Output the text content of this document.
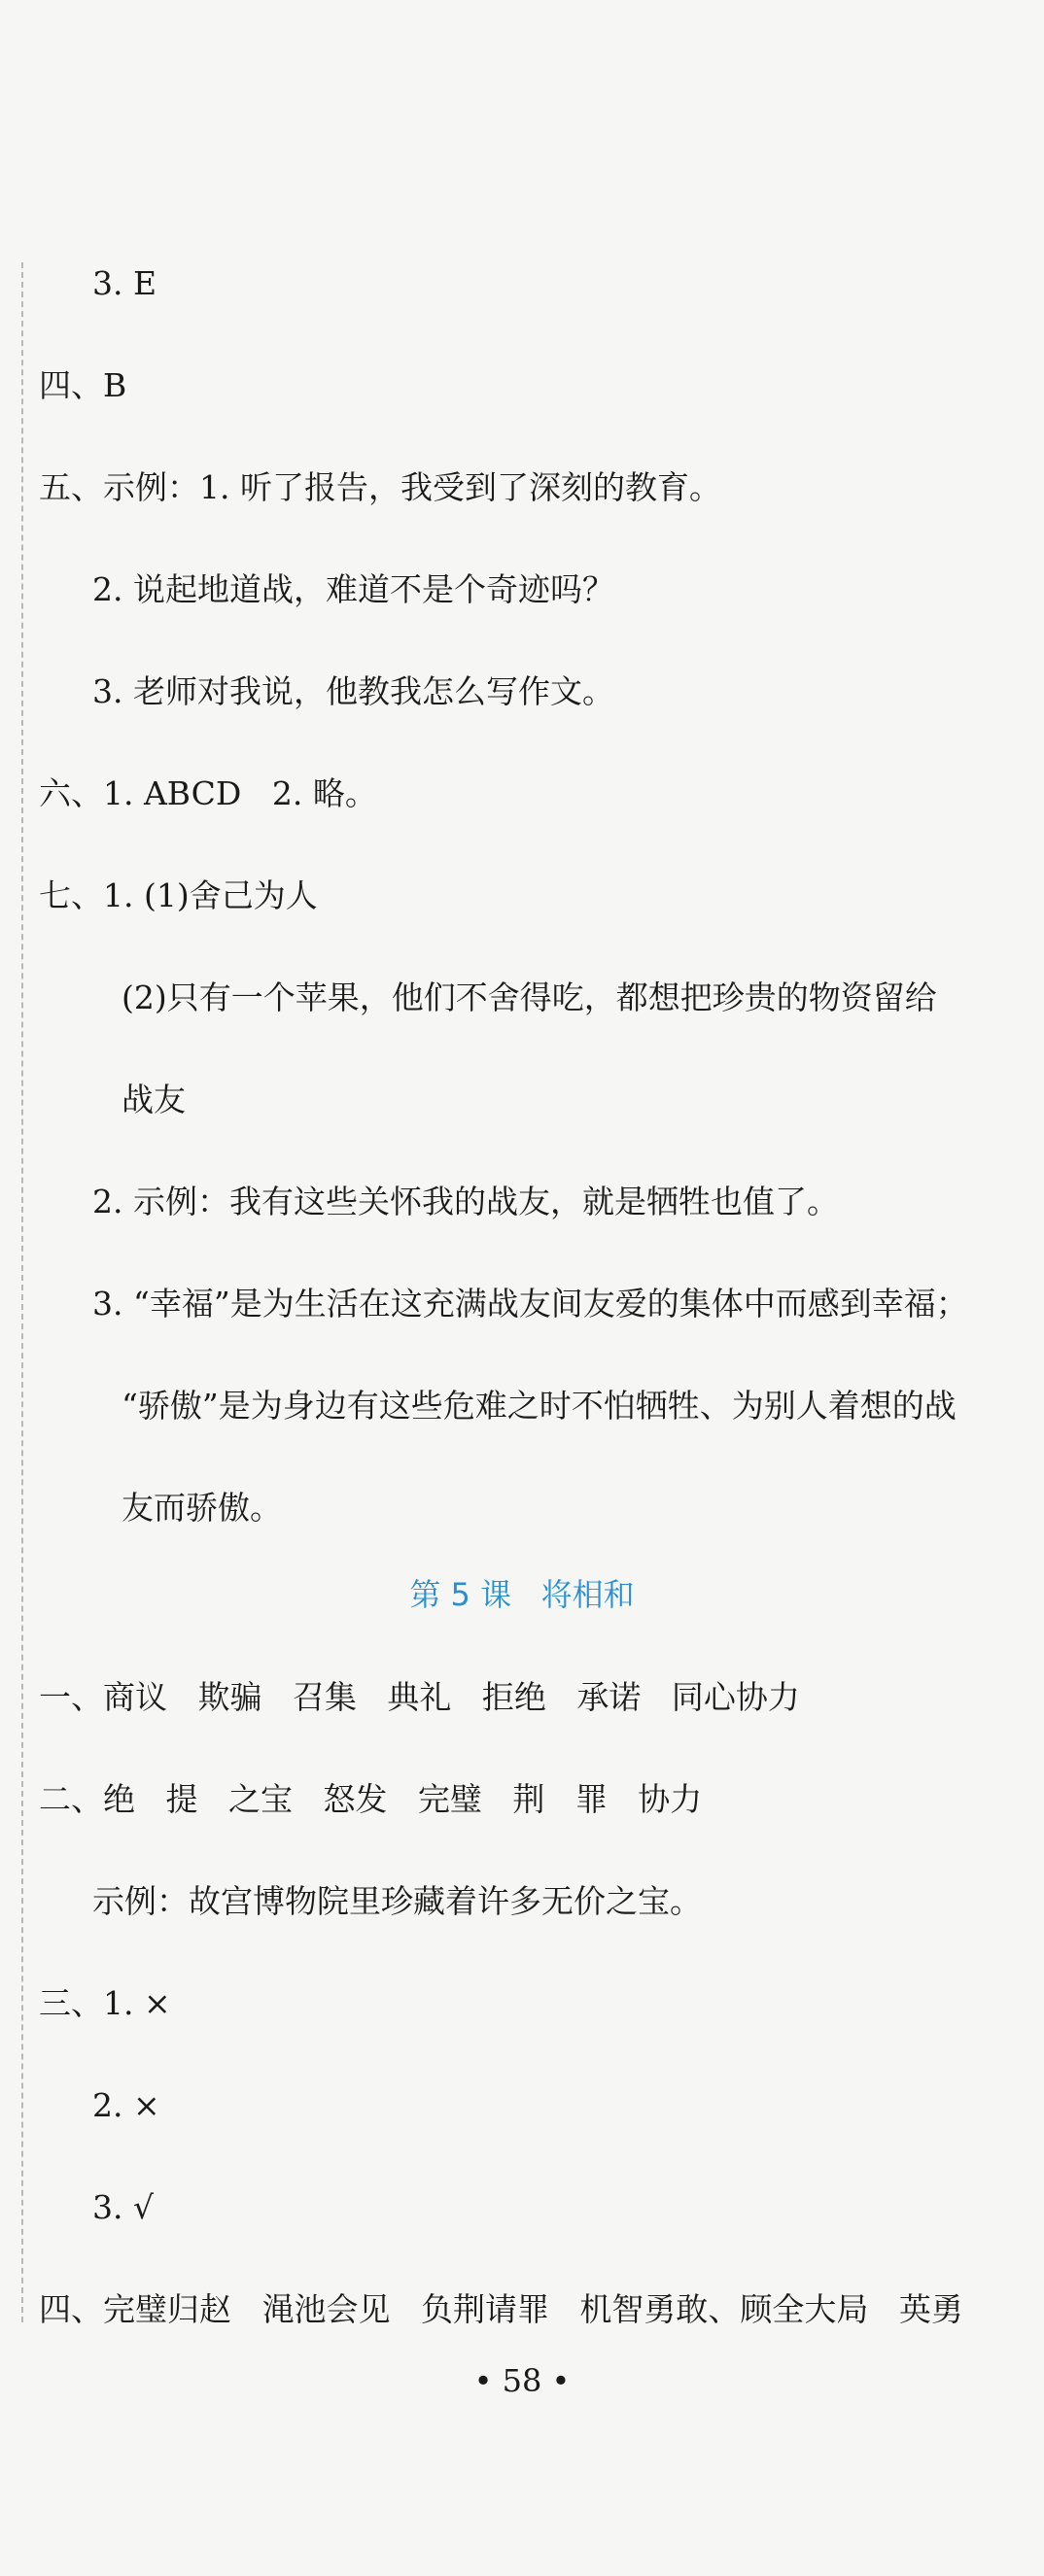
3. E
四、B
五、示例：1. 听了报告，我受到了深刻的教育。
2. 说起地道战，难道不是个奇迹吗？
3. 老师对我说，他教我怎么写作文。
六、1. ABCD   2. 略。
七、1. (1)舍己为人
(2)只有一个苹果，他们不舍得吃，都想把珍贵的物资留给
战友
2. 示例：我有这些关怀我的战友，就是牺牲也值了。
3. “幸福”是为生活在这充满战友间友爱的集体中而感到幸福；
“骄傲”是为身边有这些危难之时不怕牺牲、为别人着想的战
友而骄傲。
第 5 课   将相和
一、商议   欺骗   召集   典礼   拒绝   承诺   同心协力
二、绝   提   之宝   怒发   完璧   荆   罪   协力
示例：故宫博物院里珍藏着许多无价之宝。
三、1. ×
2. ×
3. √
四、完璧归赵   渑池会见   负荆请罪   机智勇敢、顾全大局   英勇
• 58 •
